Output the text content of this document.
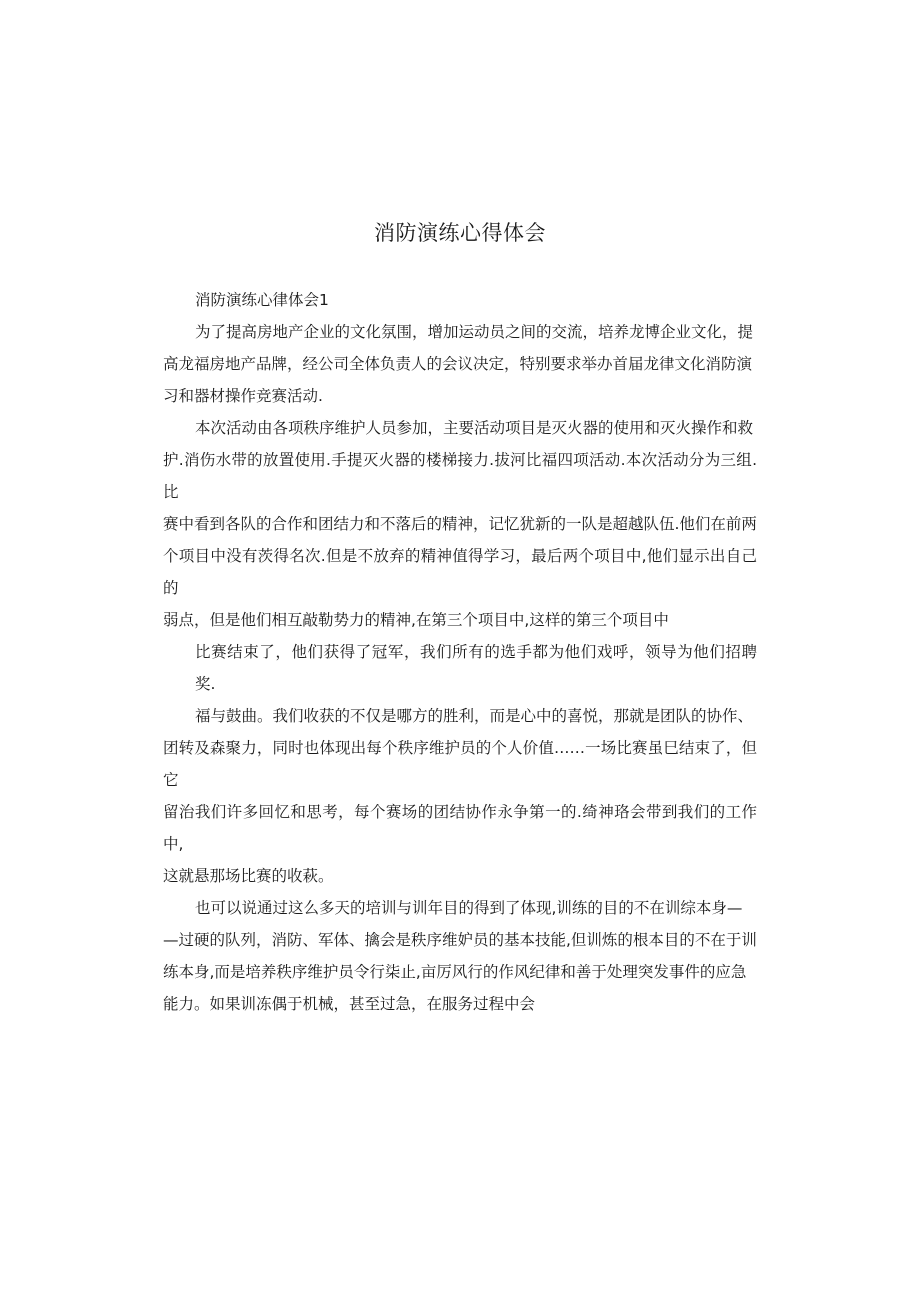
消防演练心得体会

消防演练心律体会1

为了提高房地产企业的文化氛围，增加运动员之间的交流，培养龙博企业文化，提
高龙福房地产品牌，经公司全体负责人的会议决定，特别要求举办首届龙律文化消防演
习和器材操作竞赛活动.

本次活动由各项秩序维护人员参加，主要活动项目是灭火器的使用和灭火操作和救
护.消伤水带的放置使用.手提灭火器的楼梯接力.拔河比福四项活动.本次活动分为三组.比
赛中看到各队的合作和团结力和不落后的精神，记忆犹新的一队是超越队伍.他们在前两
个项目中没有茨得名次.但是不放弃的精神值得学习，最后两个项目中,他们显示出自己的
弱点，但是他们相互敲勒势力的精神,在第三个项目中,这样的第三个项目中

比赛结束了，他们获得了冠军，我们所有的选手都为他们戏呼，领导为他们招聘奖.

福与鼓曲。我们收获的不仅是哪方的胜利，而是心中的喜悦，那就是团队的协作、
团转及森聚力，同时也体现出每个秩序维护员的个人价值……一场比赛虽巳结束了，但它
留治我们许多回忆和思考，每个赛场的团结协作永争第一的.绮神珞会带到我们的工作中,
这就悬那场比赛的收萩。

也可以说通过这么多天的培训与训年目的得到了体现,训练的目的不在训综本身—
—过硬的队列，消防、军体、擒会是秩序维妒员的基本技能,但训炼的根本目的不在于训
练本身,而是培养秩序维护员令行柒止,亩厉风行的作风纪律和善于处理突发事件的应急
能力。如果训冻偶于机械，甚至过急，在服务过程中会
